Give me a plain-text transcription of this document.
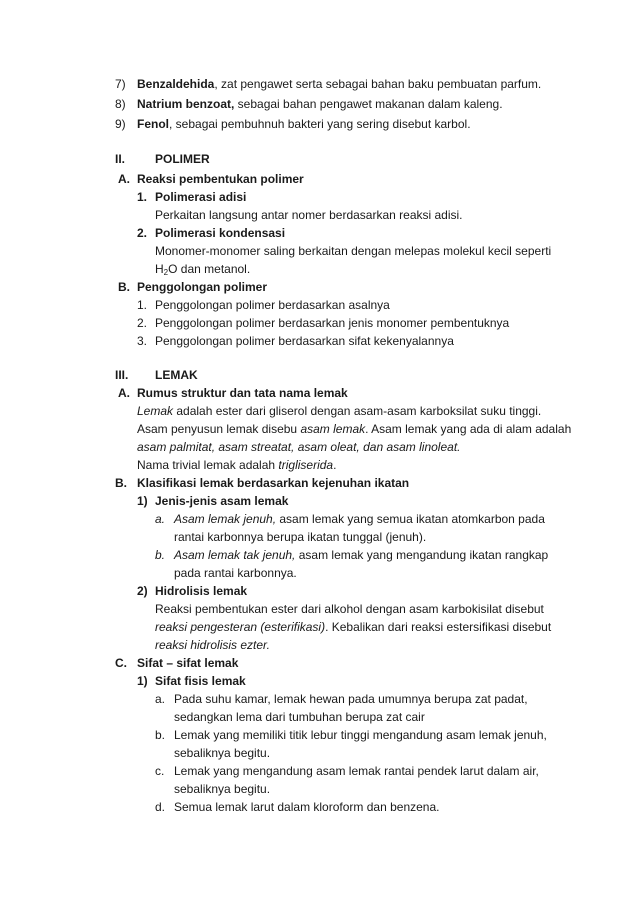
7) Benzaldehida, zat pengawet serta sebagai bahan baku pembuatan parfum.
8) Natrium benzoat, sebagai bahan pengawet makanan dalam kaleng.
9) Fenol, sebagai pembuhnuh bakteri yang sering disebut karbol.
II. POLIMER
A. Reaksi pembentukan polimer
1. Polimerasi adisi
Perkaitan langsung antar nomer berdasarkan reaksi adisi.
2. Polimerasi kondensasi
Monomer-monomer saling berkaitan dengan melepas molekul kecil seperti
$H_2O$ dan metanol.
B. Penggolongan polimer
1. Penggolongan polimer berdasarkan asalnya
2. Penggolongan polimer berdasarkan jenis monomer pembentuknya
3. Penggolongan polimer berdasarkan sifat kekenyalannya
III. LEMAK
A. Rumus struktur dan tata nama lemak
Lemak adalah ester dari gliserol dengan asam-asam karboksilat suku tinggi.
Asam penyusun lemak disebu asam lemak. Asam lemak yang ada di alam adalah
asam palmitat, asam streatat, asam oleat, dan asam linoleat.
Nama trivial lemak adalah trigliserida.
B. Klasifikasi lemak berdasarkan kejenuhan ikatan
1) Jenis-jenis asam lemak
a. Asam lemak jenuh, asam lemak yang semua ikatan atomkarbon pada
rantai karbonnya berupa ikatan tunggal (jenuh).
b. Asam lemak tak jenuh, asam lemak yang mengandung ikatan rangkap
pada rantai karbonnya.
2) Hidrolisis lemak
Reaksi pembentukan ester dari alkohol dengan asam karbokisilat disebut
reaksi pengesteran (esterifikasi). Kebalikan dari reaksi estersifikasi disebut
reaksi hidrolisis ezter.
C. Sifat – sifat lemak
1) Sifat fisis lemak
a. Pada suhu kamar, lemak hewan pada umumnya berupa zat padat,
sedangkan lema dari tumbuhan berupa zat cair
b. Lemak yang memiliki titik lebur tinggi mengandung asam lemak jenuh,
sebaliknya begitu.
c. Lemak yang mengandung asam lemak rantai pendek larut dalam air,
sebaliknya begitu.
d. Semua lemak larut dalam kloroform dan benzena.
